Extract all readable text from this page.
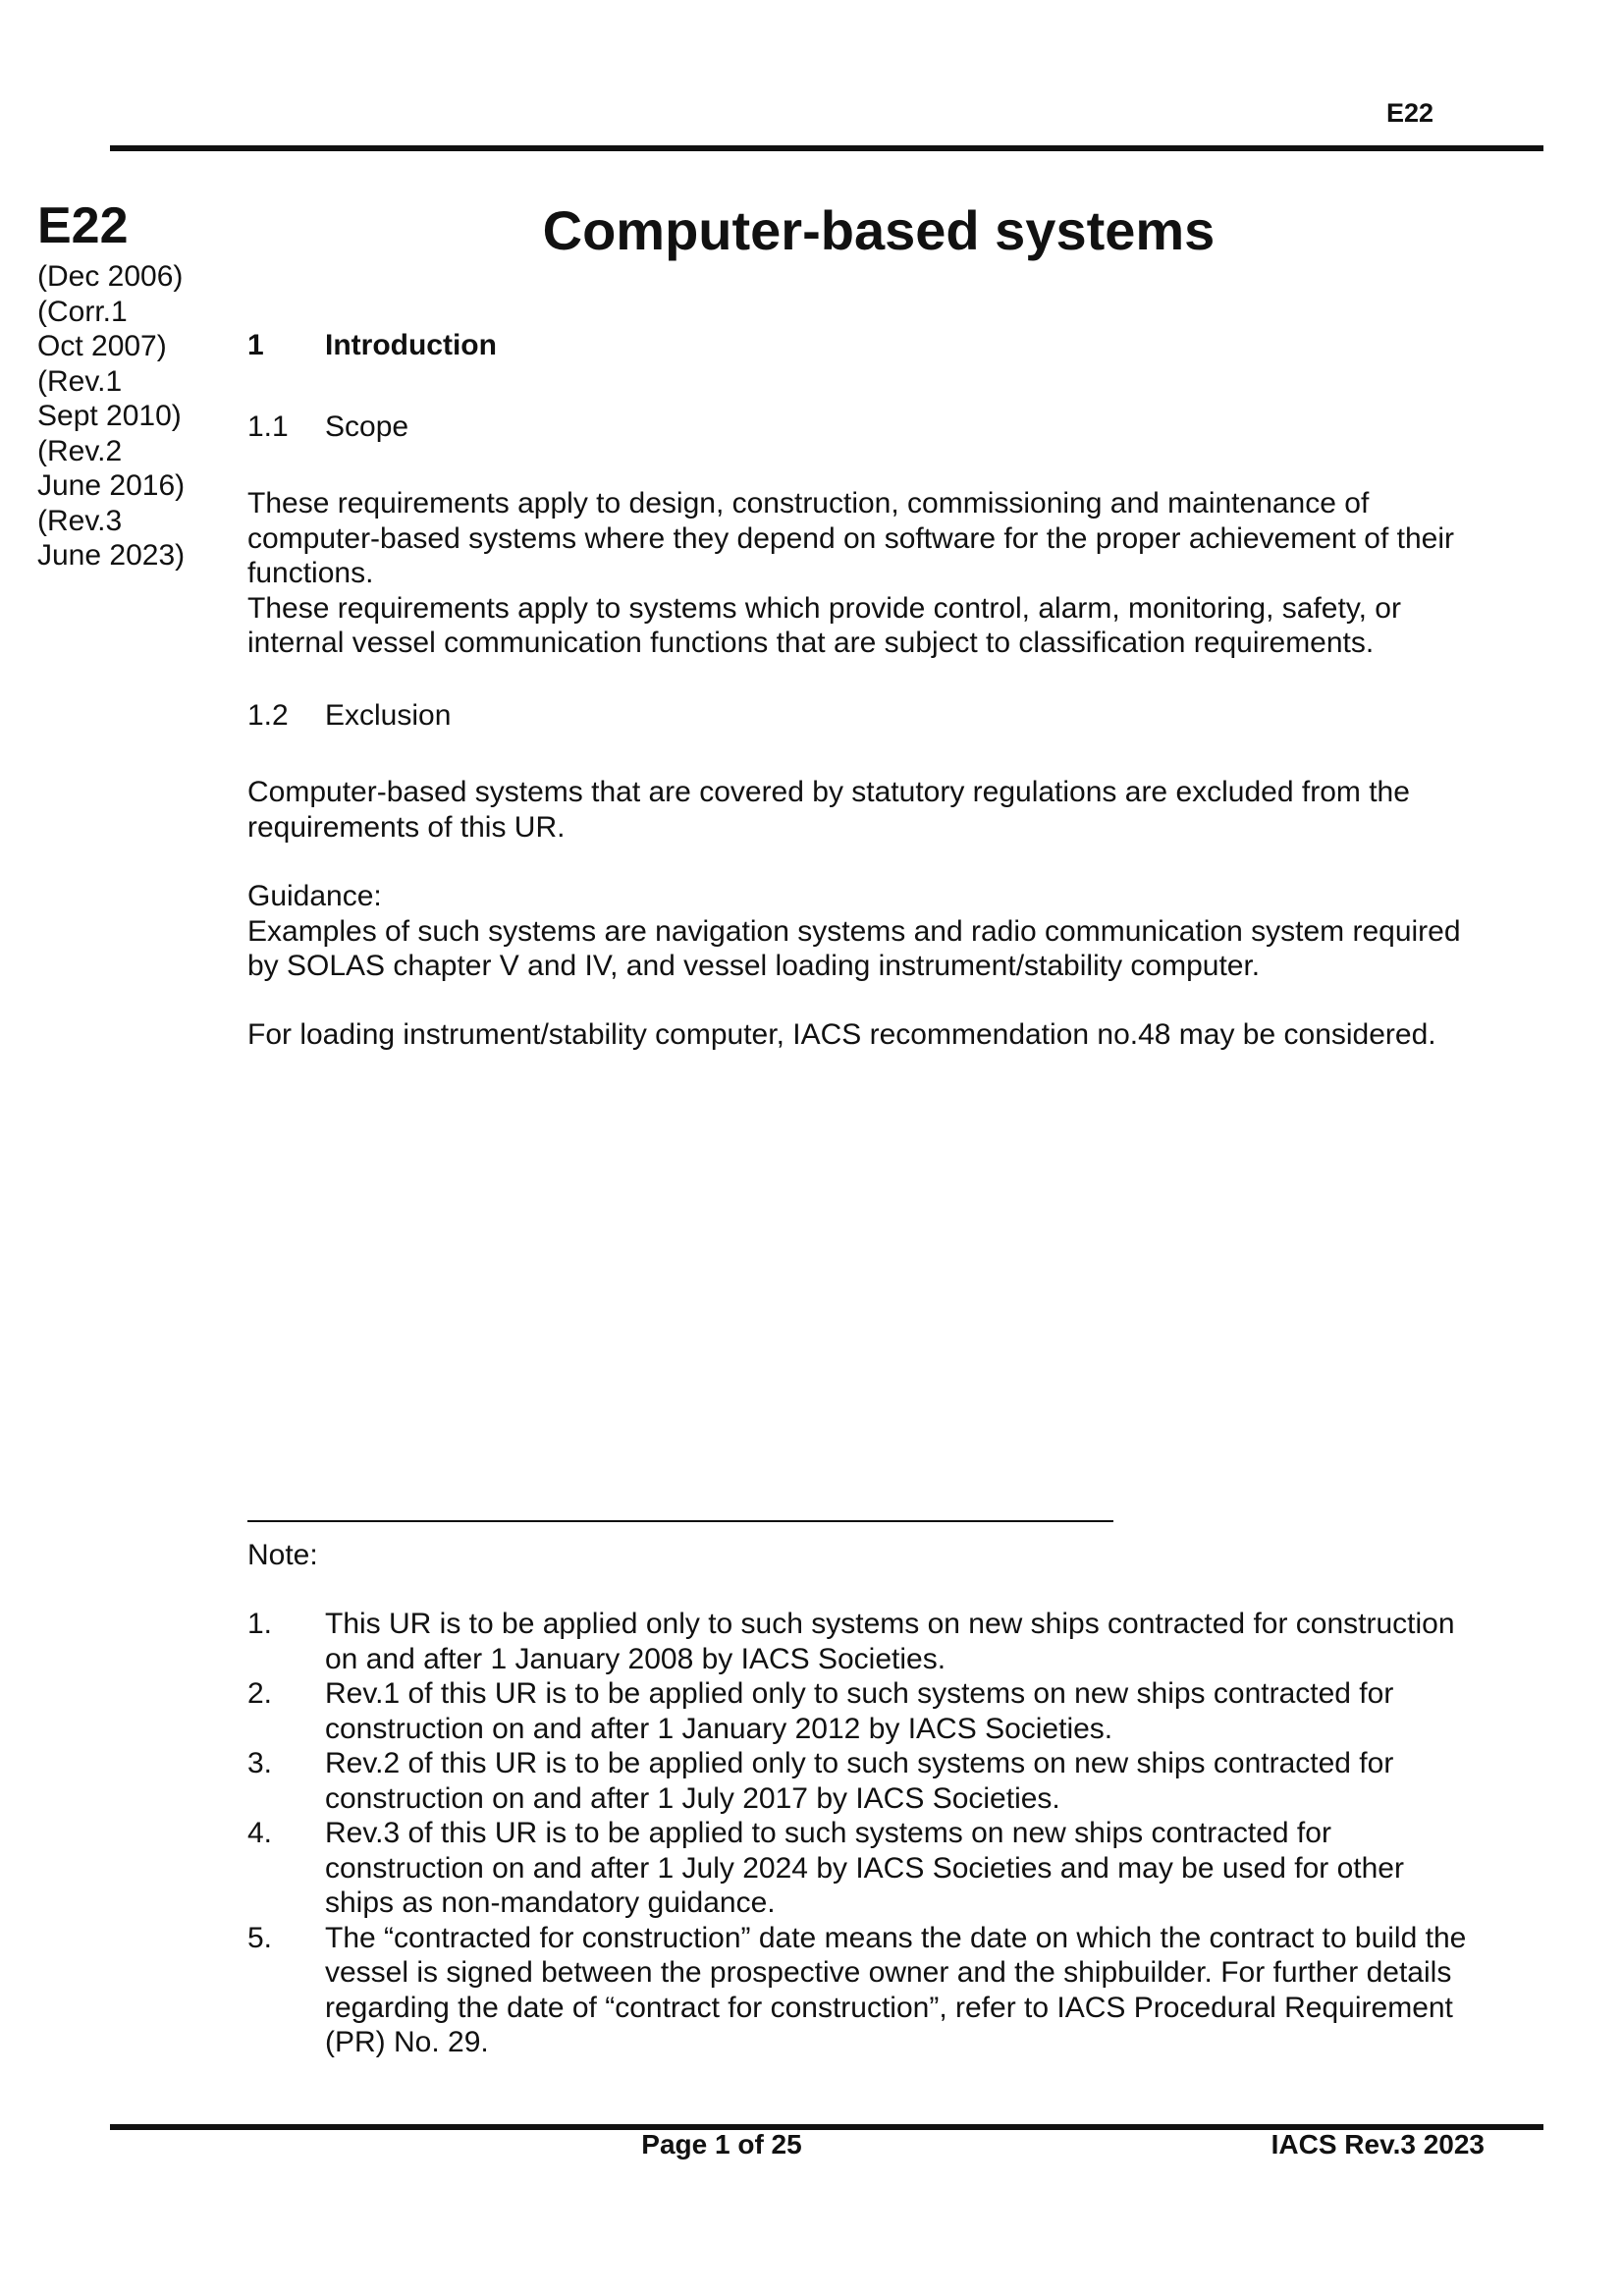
E22
E22
(Dec 2006)
(Corr.1
Oct 2007)
(Rev.1
Sept 2010)
(Rev.2
June 2016)
(Rev.3
June 2023)
Computer-based systems
1 Introduction
1.1 Scope
These requirements apply to design, construction, commissioning and maintenance of
computer-based systems where they depend on software for the proper achievement of their
functions.
These requirements apply to systems which provide control, alarm, monitoring, safety, or
internal vessel communication functions that are subject to classification requirements.
1.2 Exclusion
Computer-based systems that are covered by statutory regulations are excluded from the
requirements of this UR.
Guidance:
Examples of such systems are navigation systems and radio communication system required
by SOLAS chapter V and IV, and vessel loading instrument/stability computer.
For loading instrument/stability computer, IACS recommendation no.48 may be considered.
Note:
1. This UR is to be applied only to such systems on new ships contracted for construction
on and after 1 January 2008 by IACS Societies.
2. Rev.1 of this UR is to be applied only to such systems on new ships contracted for
construction on and after 1 January 2012 by IACS Societies.
3. Rev.2 of this UR is to be applied only to such systems on new ships contracted for
construction on and after 1 July 2017 by IACS Societies.
4. Rev.3 of this UR is to be applied to such systems on new ships contracted for
construction on and after 1 July 2024 by IACS Societies and may be used for other
ships as non-mandatory guidance.
5. The “contracted for construction” date means the date on which the contract to build the
vessel is signed between the prospective owner and the shipbuilder. For further details
regarding the date of “contract for construction”, refer to IACS Procedural Requirement
(PR) No. 29.
Page 1 of 25	IACS Rev.3 2023
